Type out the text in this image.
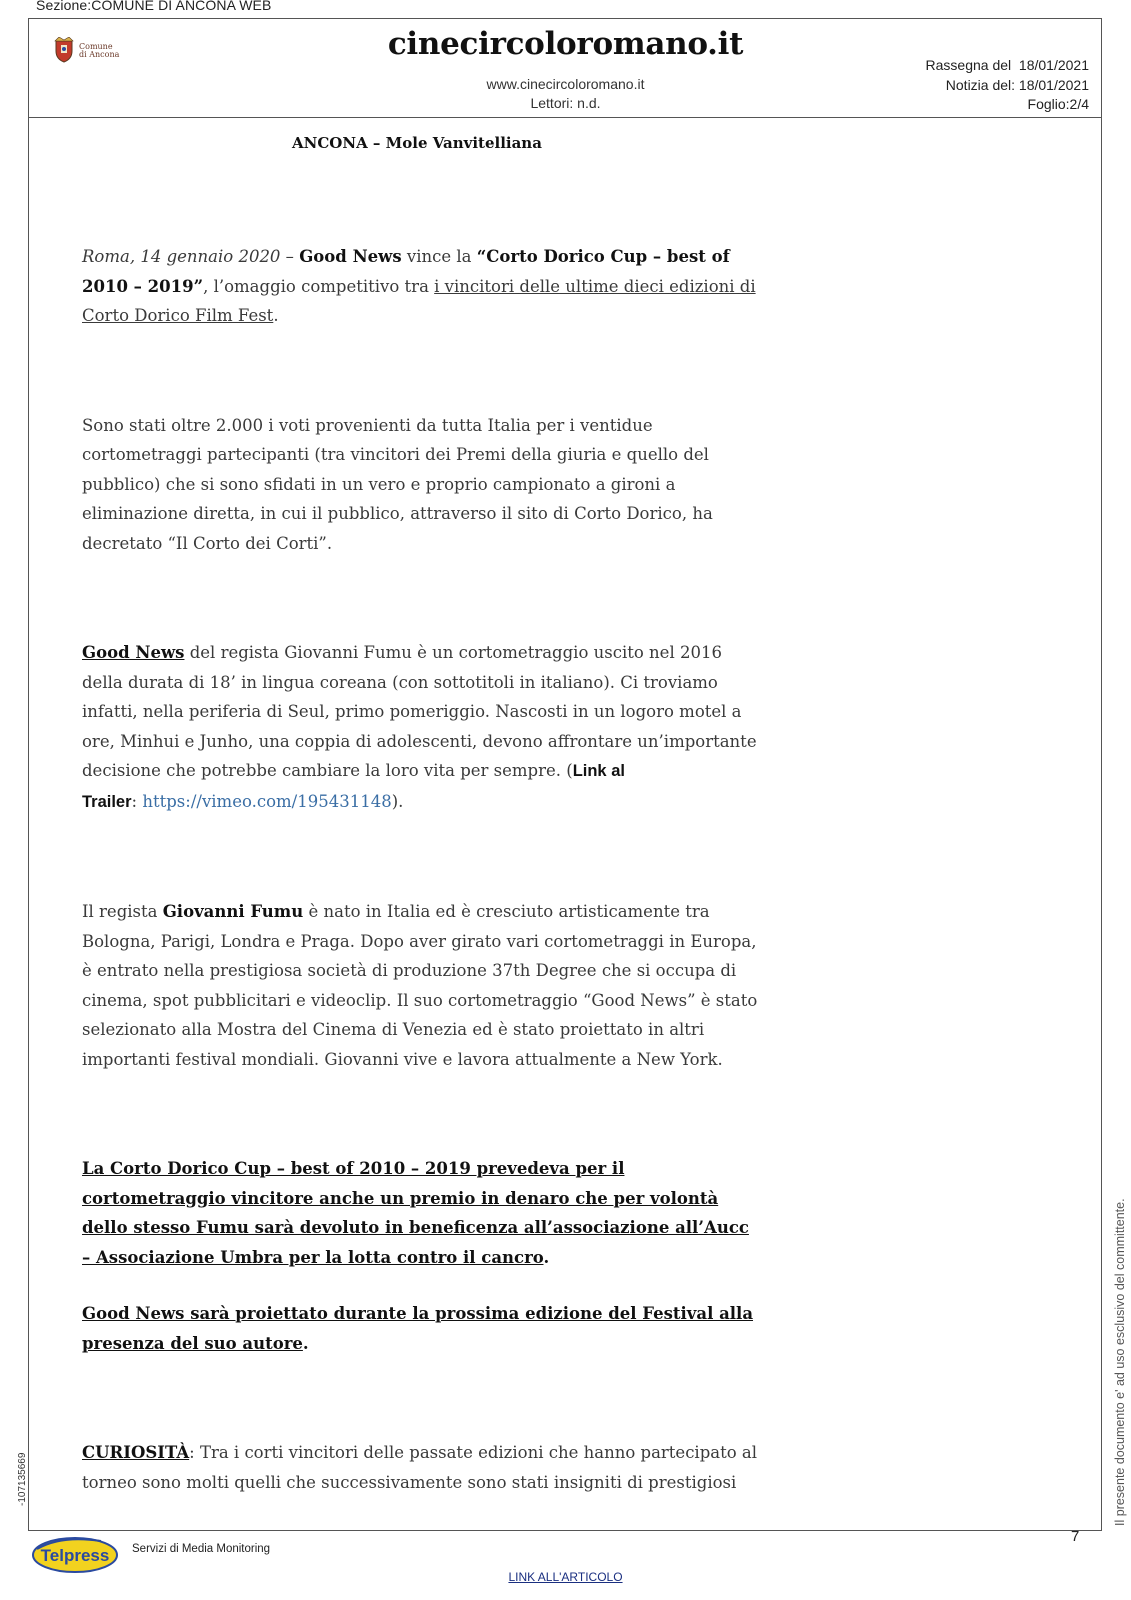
Sezione:COMUNE DI ANCONA WEB
Comune
di Ancona	cinecircoloromano.it
www.cinecircoloromano.it
Lettori: n.d.
Rassegna del  18/01/2021
Notizia del: 18/01/2021
Foglio:2/4
ANCONA – Mole Vanvitelliana

Roma, 14 gennaio 2020 – Good News vince la “Corto Dorico Cup – best of 2010 – 2019”, l’omaggio competitivo tra i vincitori delle ultime dieci edizioni di Corto Dorico Film Fest.

Sono stati oltre 2.000 i voti provenienti da tutta Italia per i ventidue cortometraggi partecipanti (tra vincitori dei Premi della giuria e quello del pubblico) che si sono sfidati in un vero e proprio campionato a gironi a eliminazione diretta, in cui il pubblico, attraverso il sito di Corto Dorico, ha decretato “Il Corto dei Corti”.

Good News del regista Giovanni Fumu è un cortometraggio uscito nel 2016 della durata di 18’ in lingua coreana (con sottotitoli in italiano). Ci troviamo infatti, nella periferia di Seul, primo pomeriggio. Nascosti in un logoro motel a ore, Minhui e Junho, una coppia di adolescenti, devono affrontare un’importante decisione che potrebbe cambiare la loro vita per sempre. (Link al
Trailer: https://vimeo.com/195431148).

Il regista Giovanni Fumu è nato in Italia ed è cresciuto artisticamente tra Bologna, Parigi, Londra e Praga. Dopo aver girato vari cortometraggi in Europa, è entrato nella prestigiosa società di produzione 37th Degree che si occupa di cinema, spot pubblicitari e videoclip. Il suo cortometraggio “Good News” è stato selezionato alla Mostra del Cinema di Venezia ed è stato proiettato in altri importanti festival mondiali. Giovanni vive e lavora attualmente a New York.

La Corto Dorico Cup – best of 2010 – 2019 prevedeva per il cortometraggio vincitore anche un premio in denaro che per volontà dello stesso Fumu sarà devoluto in beneficenza all’associazione all’Aucc – Associazione Umbra per la lotta contro il cancro.

Good News sarà proiettato durante la prossima edizione del Festival alla presenza del suo autore.

CURIOSITÀ: Tra i corti vincitori delle passate edizioni che hanno partecipato al torneo sono molti quelli che successivamente sono stati insigniti di prestigiosi	Il presente documento e' ad uso esclusivo del committente.
-107135669
7
Telpress Servizi di Media Monitoring
LINK ALL'ARTICOLO
